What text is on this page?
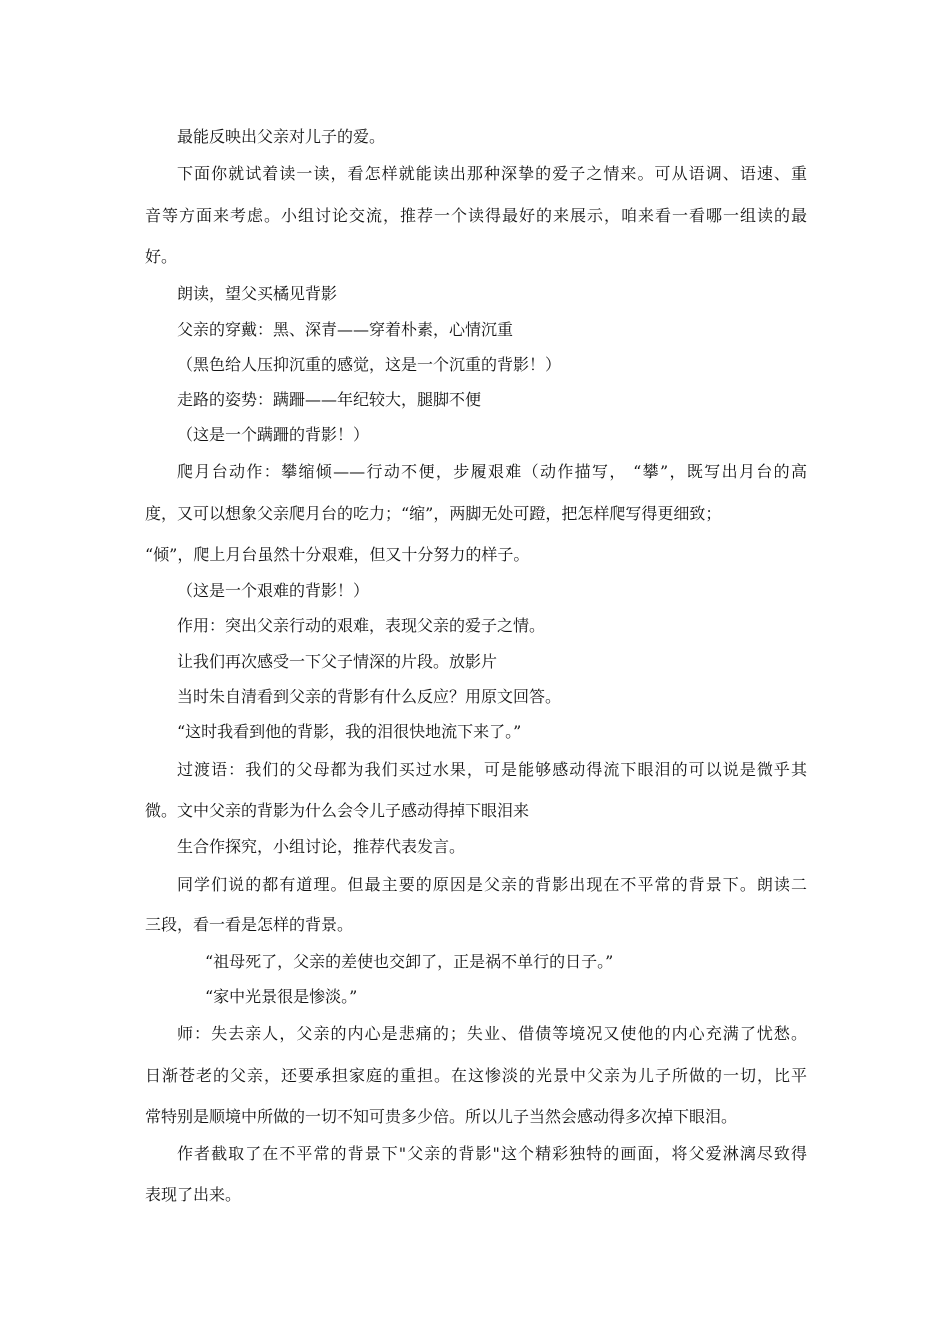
最能反映出父亲对儿子的爱。
下面你就试着读一读，看怎样就能读出那种深挚的爱子之情来。可从语调、语速、重
音等方面来考虑。小组讨论交流，推荐一个读得最好的来展示，咱来看一看哪一组读的最
好。
朗读，望父买橘见背影
父亲的穿戴：黑、深青——穿着朴素，心情沉重
（黑色给人压抑沉重的感觉，这是一个沉重的背影！）
走路的姿势：蹒跚——年纪较大，腿脚不便
（这是一个蹒跚的背影！）
爬月台动作：攀缩倾——行动不便，步履艰难（动作描写， “攀”，既写出月台的高
度，又可以想象父亲爬月台的吃力；“缩”，两脚无处可蹬，把怎样爬写得更细致；
“倾”，爬上月台虽然十分艰难，但又十分努力的样子。
（这是一个艰难的背影！）
作用：突出父亲行动的艰难，表现父亲的爱子之情。
让我们再次感受一下父子情深的片段。放影片
当时朱自清看到父亲的背影有什么反应？用原文回答。
“这时我看到他的背影，我的泪很快地流下来了。”
过渡语：我们的父母都为我们买过水果，可是能够感动得流下眼泪的可以说是微乎其
微。文中父亲的背影为什么会令儿子感动得掉下眼泪来
生合作探究，小组讨论，推荐代表发言。
同学们说的都有道理。但最主要的原因是父亲的背影出现在不平常的背景下。朗读二
三段，看一看是怎样的背景。
“祖母死了，父亲的差使也交卸了，正是祸不单行的日子。”
“家中光景很是惨淡。”
师：失去亲人，父亲的内心是悲痛的；失业、借债等境况又使他的内心充满了忧愁。
日渐苍老的父亲，还要承担家庭的重担。在这惨淡的光景中父亲为儿子所做的一切，比平
常特别是顺境中所做的一切不知可贵多少倍。所以儿子当然会感动得多次掉下眼泪。
作者截取了在不平常的背景下"父亲的背影"这个精彩独特的画面，将父爱淋漓尽致得
表现了出来。
